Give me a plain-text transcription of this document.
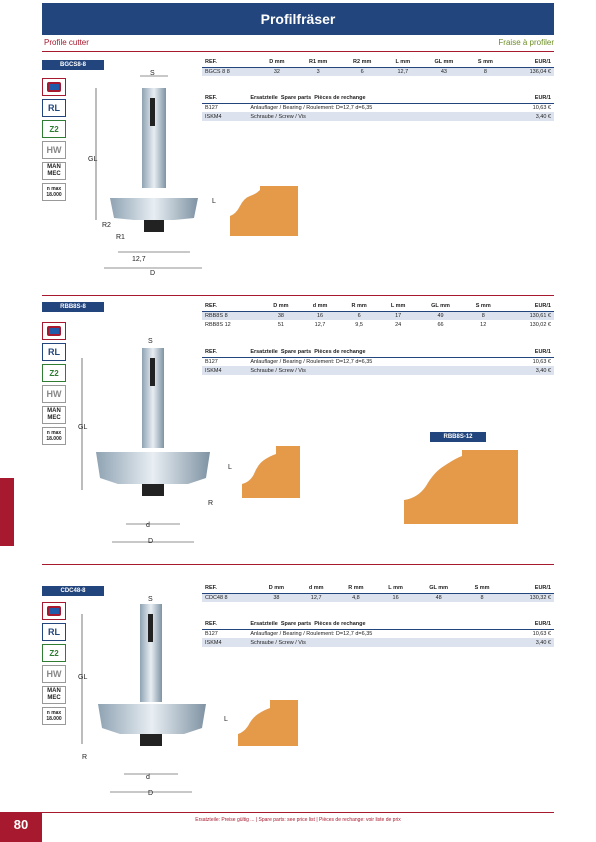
Profilfräser
Profile cutter	Fraise à profiler
BGCS8-8
RL
Z2
HW
MAN
MEC
n max
18.000
S
GL
L
R2
R1
12,7
D
REF.	D mm	R1 mm	R2 mm	L mm	GL mm	S mm	EUR/1
BGCS 8 8	32	3	6	12,7	43	8	136,04 €
REF.	Ersatzteile Spare parts Pièces de rechange	EUR/1
B127	Anlauflager / Bearing / Roulement: D=12,7 d=6,35	10,63 €
ISKM4	Schraube / Screw / Vis	3,40 €
RBB8S-8
RL
Z2
HW
MAN
MEC
n max
18.000
S
GL
L
R
d
D
REF.	D mm	d mm	R mm	L mm	GL mm	S mm	EUR/1
RBB8S 8	38	16	6	17	49	8	130,61 €
RBB8S 12	51	12,7	9,5	24	66	12	130,02 €
REF.	Ersatzteile Spare parts Pièces de rechange	EUR/1
B127	Anlauflager / Bearing / Roulement: D=12,7 d=6,35	10,63 €
ISKM4	Schraube / Screw / Vis	3,40 €
RBB8S-12
CDC48-8
RL
Z2
HW
MAN
MEC
n max
18.000
S
GL
L
R
d
D
REF.	D mm	d mm	R mm	L mm	GL mm	S mm	EUR/1
CDC48 8	38	12,7	4,8	16	48	8	130,32 €
REF.	Ersatzteile Spare parts Pièces de rechange	EUR/1
B127	Anlauflager / Bearing / Roulement: D=12,7 d=6,35	10,63 €
ISKM4	Schraube / Screw / Vis	3,40 €
80	Ersatzteile: Preise gültig ... | Spare parts: see price list | Pièces de rechange: voir liste de prix
